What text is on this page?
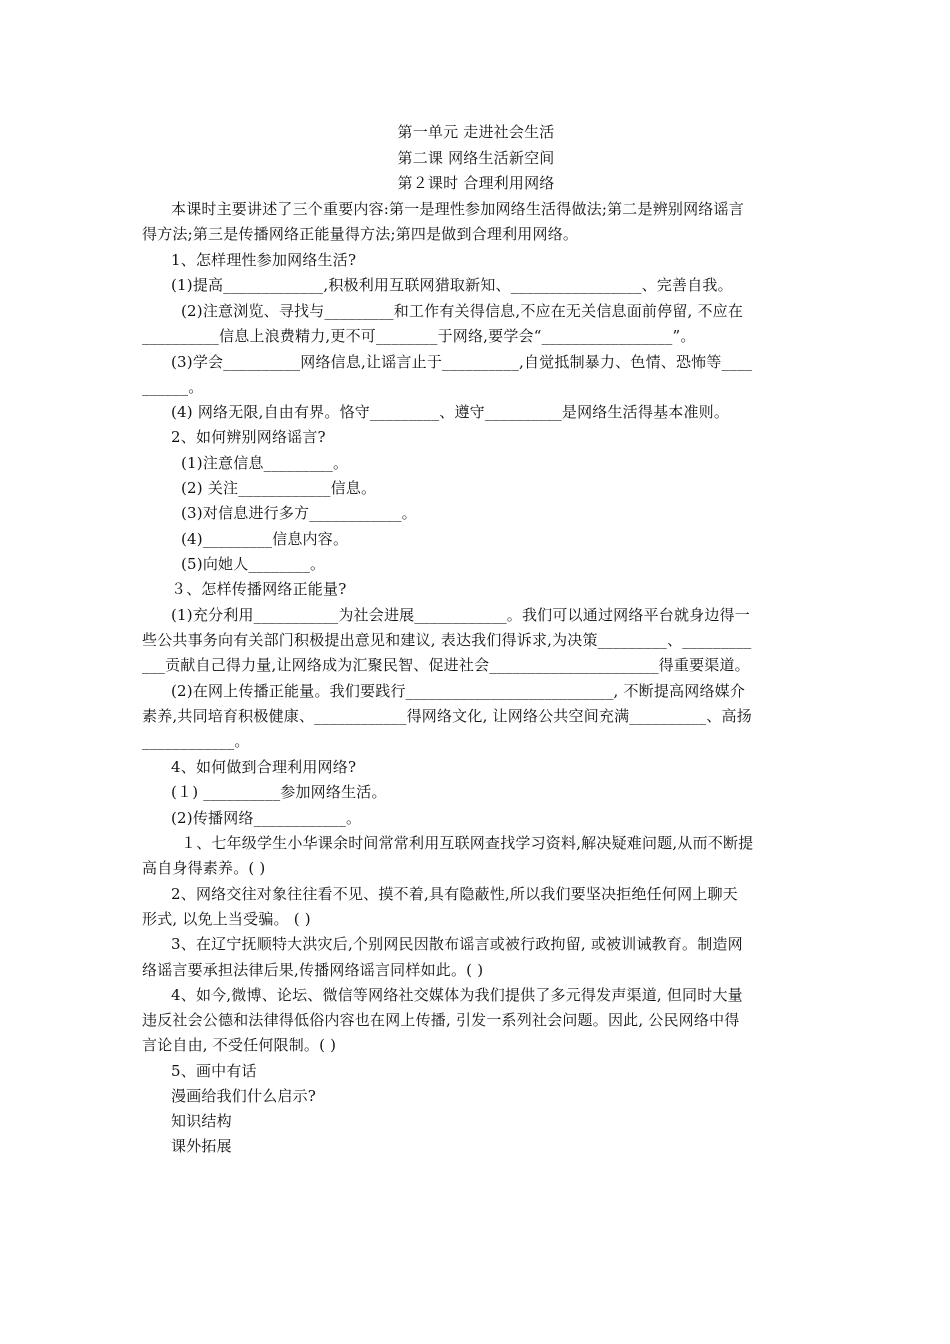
第一单元 走进社会生活
第二课 网络生活新空间
第２课时 合理利用网络
本课时主要讲述了三个重要内容:第一是理性参加网络生活得做法;第二是辨别网络谣言
得方法;第三是传播网络正能量得方法;第四是做到合理利用网络。
1、怎样理性参加网络生活?
(1)提高_____________,积极利用互联网猎取新知、_________________、完善自我。
(2)注意浏览、寻找与_________和工作有关得信息,不应在无关信息面前停留, 不应在
__________信息上浪费精力,更不可________于网络,要学会“_________________”。
(3)学会__________网络信息,让谣言止于__________,自觉抵制暴力、色情、恐怖等____
______。
(4) 网络无限,自由有界。恪守_________、遵守__________是网络生活得基本准则。
2、如何辨别网络谣言?
(1)注意信息_________。
(2) 关注____________信息。
(3)对信息进行多方____________。
(4)_________信息内容。
(5)向她人________。
３、怎样传播网络正能量?
(1)充分利用___________为社会进展____________。我们可以通过网络平台就身边得一
些公共事务向有关部门积极提出意见和建议, 表达我们得诉求,为决策_________、_________
___贡献自己得力量,让网络成为汇聚民智、促进社会______________________得重要渠道。
(2)在网上传播正能量。我们要践行___________________________, 不断提高网络媒介
素养,共同培育积极健康、____________得网络文化, 让网络公共空间充满__________、高扬
____________。
4、如何做到合理利用网络?
(１) __________参加网络生活。
(2)传播网络____________。
１、七年级学生小华课余时间常常利用互联网查找学习资料,解决疑难问题,从而不断提
高自身得素养。( )
2、网络交往对象往往看不见、摸不着,具有隐蔽性,所以我们要坚决拒绝任何网上聊天
形式, 以免上当受骗。 ( )
3、在辽宁抚顺特大洪灾后,个别网民因散布谣言或被行政拘留, 或被训诫教育。制造网
络谣言要承担法律后果,传播网络谣言同样如此。( )
4、如今,微博、论坛、微信等网络社交媒体为我们提供了多元得发声渠道, 但同时大量
违反社会公德和法律得低俗内容也在网上传播, 引发一系列社会问题。因此, 公民网络中得
言论自由, 不受任何限制。( )
5、画中有话
漫画给我们什么启示?
知识结构
课外拓展
